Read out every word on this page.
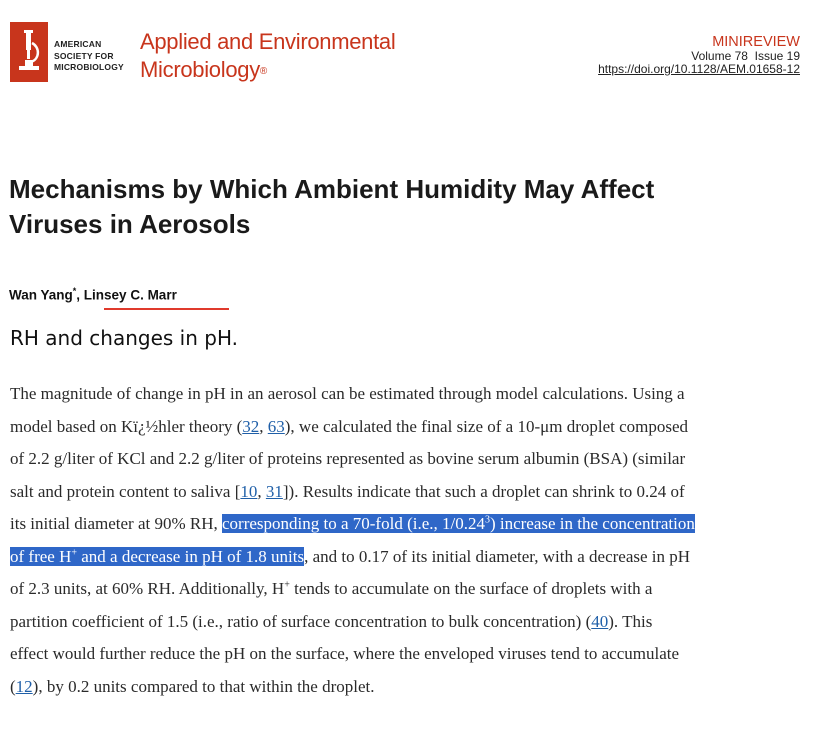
AMERICAN
SOCIETY FOR
MICROBIOLOGY
Applied and Environmental
Microbiology®
MINIREVIEW
Volume 78  Issue 19
https://doi.org/10.1128/AEM.01658-12
Mechanisms by Which Ambient Humidity May Affect
Viruses in Aerosols
Wan Yang*, Linsey C. Marr
RH and changes in pH.

The magnitude of change in pH in an aerosol can be estimated through model calculations. Using a
model based on Kï¿½hler theory (32, 63), we calculated the final size of a 10-μm droplet composed
of 2.2 g/liter of KCl and 2.2 g/liter of proteins represented as bovine serum albumin (BSA) (similar
salt and protein content to saliva [10, 31]). Results indicate that such a droplet can shrink to 0.24 of
its initial diameter at 90% RH, corresponding to a 70-fold (i.e., 1/0.24$^3$) increase in the concentration
of free H+ and a decrease in pH of 1.8 units, and to 0.17 of its initial diameter, with a decrease in pH
of 2.3 units, at 60% RH. Additionally, H+ tends to accumulate on the surface of droplets with a
partition coefficient of 1.5 (i.e., ratio of surface concentration to bulk concentration) (40). This
effect would further reduce the pH on the surface, where the enveloped viruses tend to accumulate
(12), by 0.2 units compared to that within the droplet.
